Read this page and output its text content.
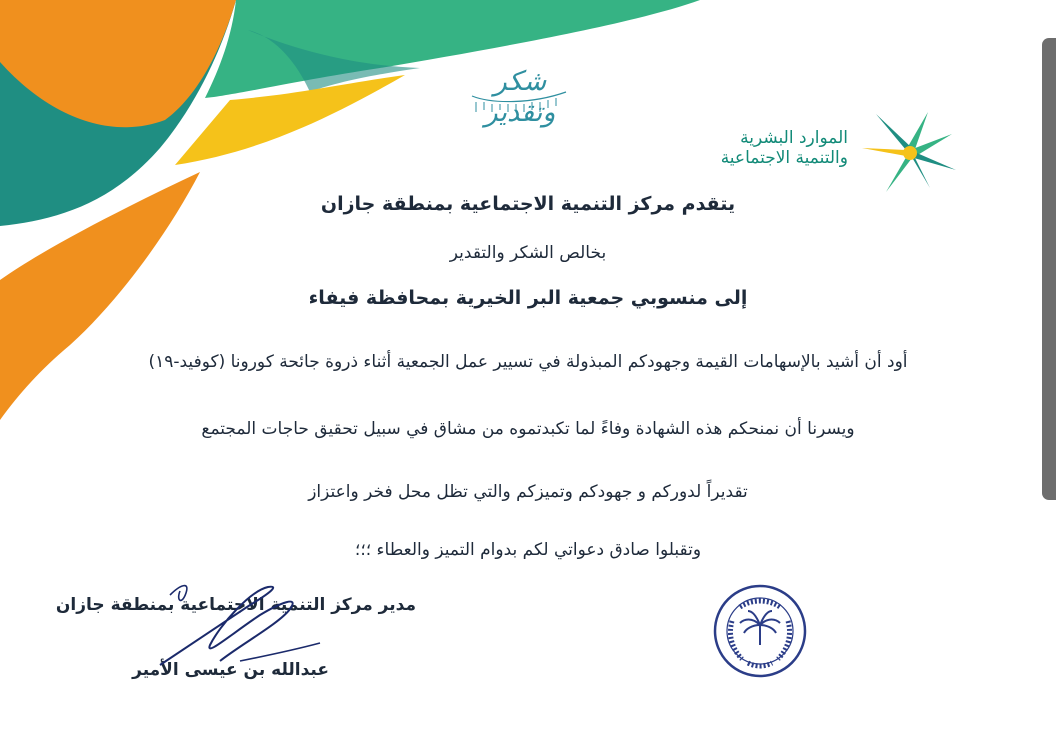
شكر وتقدير
الموارد البشرية
والتنمية الاجتماعية
يتقدم مركز التنمية الاجتماعية بمنطقة جازان
بخالص الشكر والتقدير
إلى منسوبي جمعية البر الخيرية بمحافظة فيفاء
أود أن أشيد بالإسهامات القيمة وجهودكم المبذولة في تسيير عمل الجمعية أثناء ذروة جائحة كورونا (كوفيد-١٩)
ويسرنا أن نمنحكم هذه الشهادة وفاءً لما تكبدتموه من مشاق في سبيل تحقيق حاجات المجتمع
تقديراً لدوركم و جهودكم وتميزكم والتي تظل محل فخر واعتزاز
وتقبلوا صادق دعواتي لكم بدوام التميز والعطاء ؛؛؛
مدير مركز التنمية الاجتماعية بمنطقة جازان
عبدالله بن عيسى الأمير
